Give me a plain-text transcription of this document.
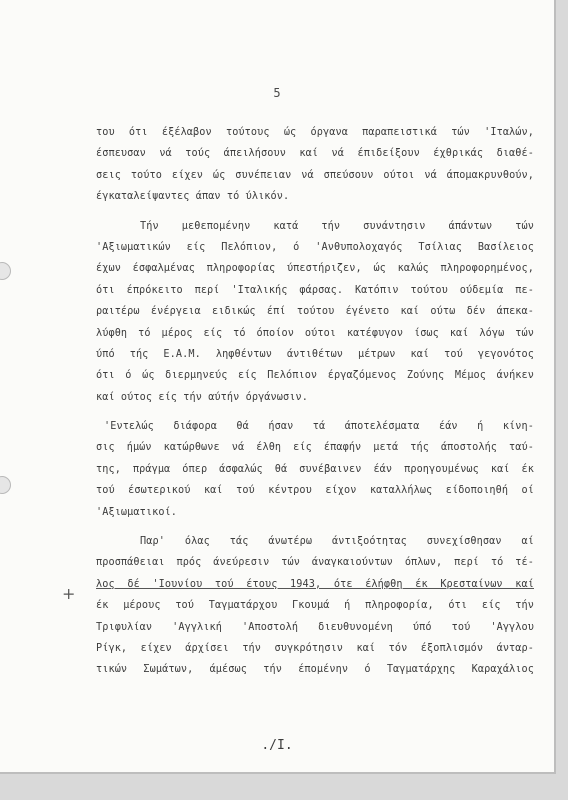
5
του ότι έξέλαβον τούτους ώς όργανα παραπειστικά τών 'Ιταλών,
έσπευσαν νά τούς άπειλήσουν καί νά έπιδείξουν έχθρικάς διαθέ-
σεις τούτο είχεν ώς συνέπειαν νά σπεύσουν ούτοι νά άπομακρυνθούν,
έγκαταλείψαντες άπαν τό ύλικόν.
Τήν μεθεπομένην κατά τήν συνάντησιν άπάντων τών
'Αξιωματικών είς Πελόπιον, ό 'Ανθυπολοχαγός Τσίλιας Βασίλειος
έχων έσφαλμένας πληροφορίας ύπεστήριζεν, ώς καλώς πληροφορημένος,
ότι έπρόκειτο περί 'Ιταλικής φάρσας. Κατόπιν τούτου ούδεμία πε-
ραιτέρω ένέργεια ειδικώς έπί τούτου έγένετο καί ούτω δέν άπεκα-
λύφθη τό μέρος είς τό όποίον ούτοι κατέφυγον ίσως καί λόγω τών
ύπό τής Ε.Α.Μ. ληφθέντων άντιθέτων μέτρων καί τού γεγονότος
ότι ό ώς διερμηνεύς είς Πελόπιον έργαζόμενος Ζούνης Μέμος άνήκεν
καί ούτος είς τήν αύτήν όργάνωσιν.
'Εντελώς διάφορα θά ήσαν τά άποτελέσματα έάν ή κίνη-
σις ήμών κατώρθωνε νά έλθη είς έπαφήν μετά τής άποστολής ταύ-
της, πράγμα όπερ άσφαλώς θά συνέβαινεν έάν προηγουμένως καί έκ
τού έσωτερικού καί τού κέντρου είχον καταλλήλως είδοποιηθή οί
'Αξιωματικοί.
Παρ' όλας τάς άνωτέρω άντιξοότητας συνεχίσθησαν αί
προσπάθειαι πρός άνεύρεσιν τών άναγκαιούντων όπλων, περί τό τέ-
λος δέ 'Ιουνίου τού έτους 1943, ότε έλήφθη έκ Κρεσταίνων καί
έκ μέρους τού Ταγματάρχου Γκουμά ή πληροφορία, ότι είς τήν
Τριφυλίαν 'Αγγλική 'Αποστολή διευθυνομένη ύπό τού 'Αγγλου
Ρίγκ, είχεν άρχίσει τήν συγκρότησιν καί τόν έξοπλισμόν άνταρ-
τικών Σωμάτων, άμέσως τήν έπομένην ό Ταγματάρχης Καραχάλιος
+
./I.
